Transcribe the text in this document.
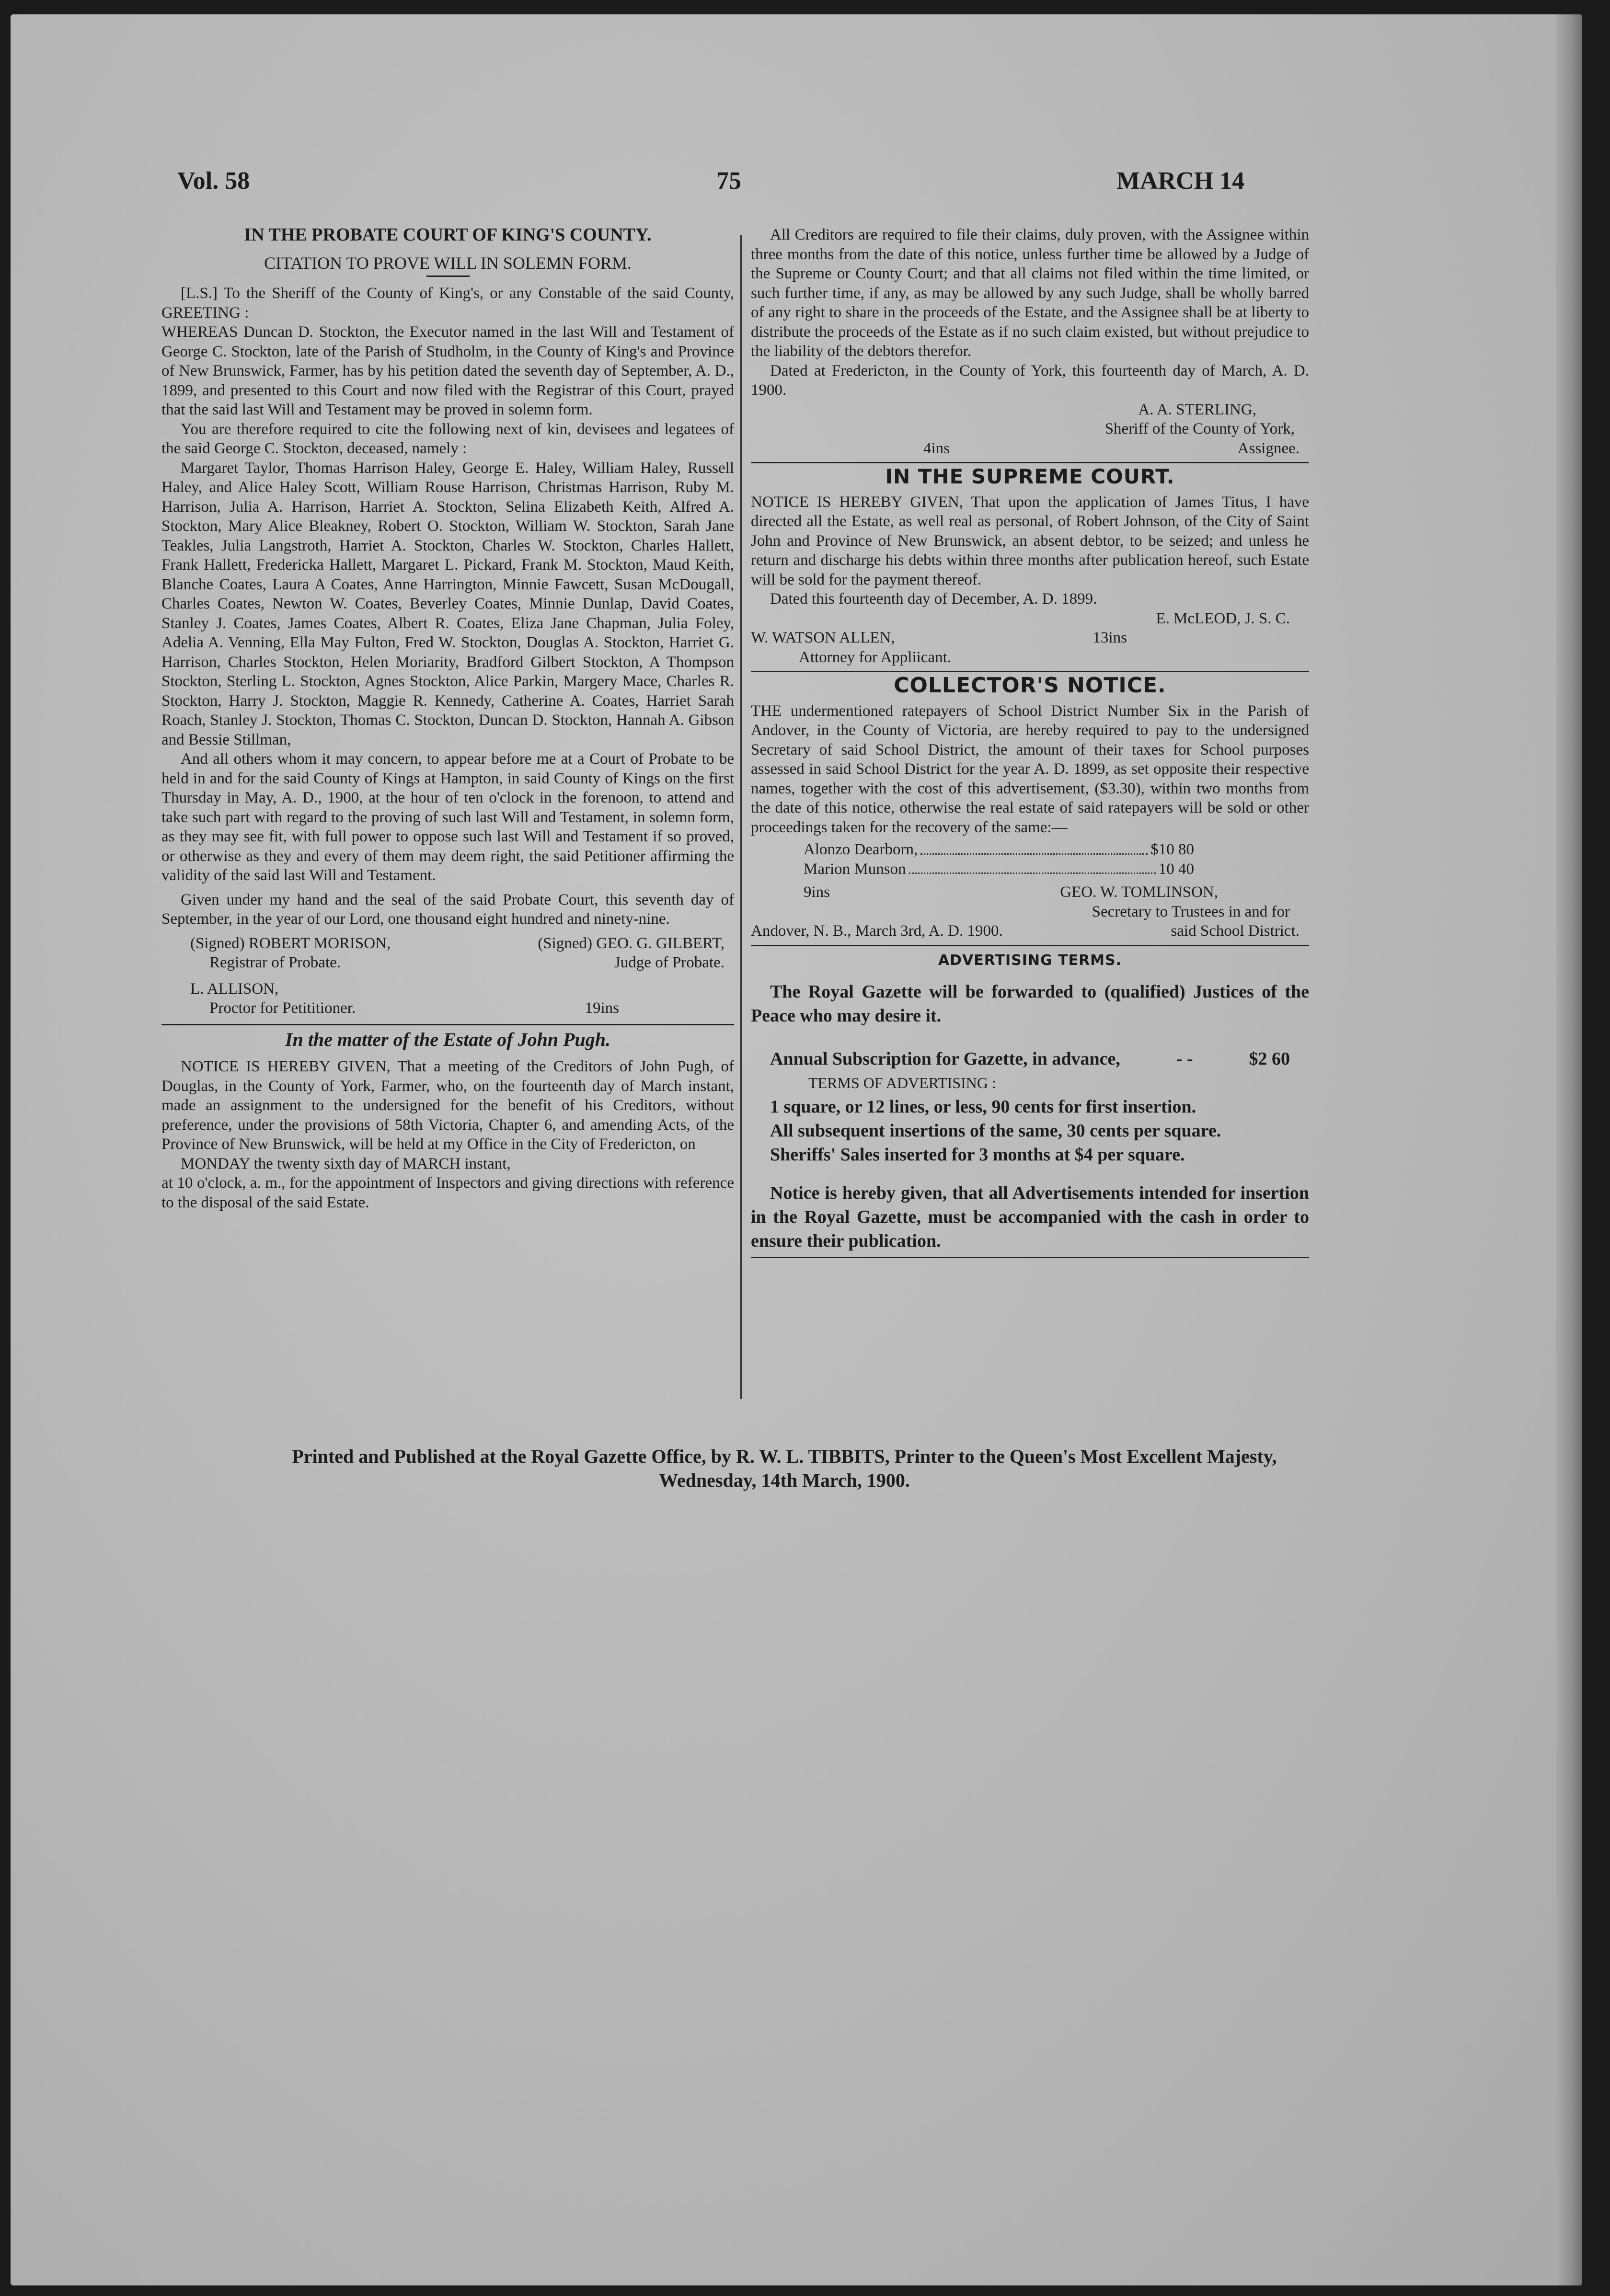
Vol. 58	75	MARCH 14

IN THE PROBATE COURT OF KING'S COUNTY.

CITATION TO PROVE WILL IN SOLEMN FORM.

[L.S.] To the Sheriff of the County of King's, or any Constable of the said County, GREETING :

WHEREAS Duncan D. Stockton, the Executor named in the last Will and Testament of George C. Stockton, late of the Parish of Studholm, in the County of King's and Province of New Brunswick, Farmer, has by his petition dated the seventh day of September, A. D., 1899, and presented to this Court and now filed with the Registrar of this Court, prayed that the said last Will and Testament may be proved in solemn form.

You are therefore required to cite the following next of kin, devisees and legatees of the said George C. Stockton, deceased, namely :

Margaret Taylor, Thomas Harrison Haley, George E. Haley, William Haley, Russell Haley, and Alice Haley Scott, William Rouse Harrison, Christmas Harrison, Ruby M. Harrison, Julia A. Harrison, Harriet A. Stockton, Selina Elizabeth Keith, Alfred A. Stockton, Mary Alice Bleakney, Robert O. Stockton, William W. Stockton, Sarah Jane Teakles, Julia Langstroth, Harriet A. Stockton, Charles W. Stockton, Charles Hallett, Frank Hallett, Fredericka Hallett, Margaret L. Pickard, Frank M. Stockton, Maud Keith, Blanche Coates, Laura A Coates, Anne Harrington, Minnie Fawcett, Susan McDougall, Charles Coates, Newton W. Coates, Beverley Coates, Minnie Dunlap, David Coates, Stanley J. Coates, James Coates, Albert R. Coates, Eliza Jane Chapman, Julia Foley, Adelia A. Venning, Ella May Fulton, Fred W. Stockton, Douglas A. Stockton, Harriet G. Harrison, Charles Stockton, Helen Moriarity, Bradford Gilbert Stockton, A Thompson Stockton, Sterling L. Stockton, Agnes Stockton, Alice Parkin, Margery Mace, Charles R. Stockton, Harry J. Stockton, Maggie R. Kennedy, Catherine A. Coates, Harriet Sarah Roach, Stanley J. Stockton, Thomas C. Stockton, Duncan D. Stockton, Hannah A. Gibson and Bessie Stillman,

And all others whom it may concern, to appear before me at a Court of Probate to be held in and for the said County of Kings at Hampton, in said County of Kings on the first Thursday in May, A. D., 1900, at the hour of ten o'clock in the forenoon, to attend and take such part with regard to the proving of such last Will and Testament, in solemn form, as they may see fit, with full power to oppose such last Will and Testament if so proved, or otherwise as they and every of them may deem right, the said Petitioner affirming the validity of the said last Will and Testament.

Given under my hand and the seal of the said Probate Court, this seventh day of September, in the year of our Lord, one thousand eight hundred and ninety-nine.

(Signed) ROBERT MORISON,
Registrar of Probate.
(Signed) GEO. G. GILBERT,
Judge of Probate.
L. ALLISON,
Proctor for Petititioner.	19ins

In the matter of the Estate of John Pugh.

NOTICE IS HEREBY GIVEN, That a meeting of the Creditors of John Pugh, of Douglas, in the County of York, Farmer, who, on the fourteenth day of March instant, made an assignment to the undersigned for the benefit of his Creditors, without preference, under the provisions of 58th Victoria, Chapter 6, and amending Acts, of the Province of New Brunswick, will be held at my Office in the City of Fredericton, on

MONDAY the twenty sixth day of MARCH instant,

at 10 o'clock, a. m., for the appointment of Inspectors and giving directions with reference to the disposal of the said Estate.

All Creditors are required to file their claims, duly proven, with the Assignee within three months from the date of this notice, unless further time be allowed by a Judge of the Supreme or County Court; and that all claims not filed within the time limited, or such further time, if any, as may be allowed by any such Judge, shall be wholly barred of any right to share in the proceeds of the Estate, and the Assignee shall be at liberty to distribute the proceeds of the Estate as if no such claim existed, but without prejudice to the liability of the debtors therefor.

Dated at Fredericton, in the County of York, this fourteenth day of March, A. D. 1900.

A. A. STERLING,
Sheriff of the County of York,
4ins	Assignee.

IN THE SUPREME COURT.

NOTICE IS HEREBY GIVEN, That upon the application of James Titus, I have directed all the Estate, as well real as personal, of Robert Johnson, of the City of Saint John and Province of New Brunswick, an absent debtor, to be seized; and unless he return and discharge his debts within three months after publication hereof, such Estate will be sold for the payment thereof.

Dated this fourteenth day of December, A. D. 1899.

E. McLEOD, J. S. C.
W. WATSON ALLEN,	13ins
Attorney for Appliicant.

COLLECTOR'S NOTICE.

THE undermentioned ratepayers of School District Number Six in the Parish of Andover, in the County of Victoria, are hereby required to pay to the undersigned Secretary of said School District, the amount of their taxes for School purposes assessed in said School District for the year A. D. 1899, as set opposite their respective names, together with the cost of this advertisement, ($3.30), within two months from the date of this notice, otherwise the real estate of said ratepayers will be sold or other proceedings taken for the recovery of the same:—

Alonzo Dearborn,	$10 80
Marion Munson	10 40
9ins	GEO. W. TOMLINSON,
Secretary to Trustees in and for
Andover, N. B., March 3rd, A. D. 1900.	said School District.

ADVERTISING TERMS.

The Royal Gazette will be forwarded to (qualified) Justices of the Peace who may desire it.

Annual Subscription for Gazette, in advance,	- -	$2 60
TERMS OF ADVERTISING :
1 square, or 12 lines, or less, 90 cents for first insertion.
All subsequent insertions of the same, 30 cents per square.
Sheriffs' Sales inserted for 3 months at $4 per square.

Notice is hereby given, that all Advertisements intended for insertion in the Royal Gazette, must be accompanied with the cash in order to ensure their publication.

Printed and Published at the Royal Gazette Office, by R. W. L. TIBBITS, Printer to the Queen's Most Excellent Majesty,
Wednesday, 14th March, 1900.
